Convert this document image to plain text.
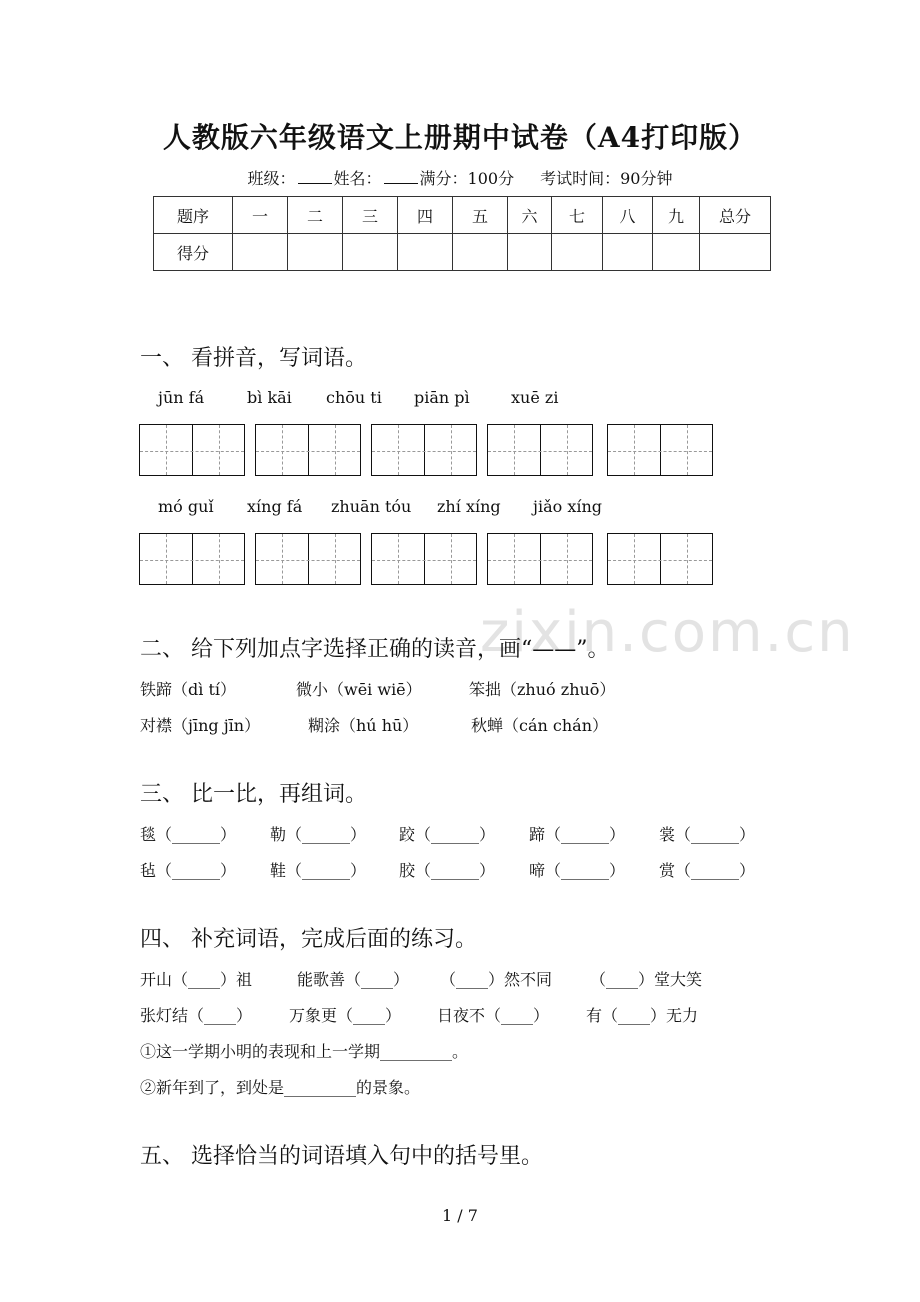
人教版六年级语文上册期中试卷（A4打印版）
班级： 姓名： 满分：100分 考试时间：90分钟
题序	一	二	三	四	五	六	七	八	九	总分
得分										
一、 看拼音，写词语。
jūn fá	bì kāi chōu ti piān pì	xuē zi
mó guǐ xíng fá zhuān tóu zhí xíng jiǎo xíng
zixin.com.cn
二、 给下列加点字选择正确的读音，画“——”。
铁蹄（dì tí）	微小（wēi wiē）	笨拙（zhuó zhuō）
对襟（jīng jīn）	糊涂（hú hū）	秋蝉（cán chán）
三、 比一比，再组词。
毯（______） 勒（______） 跤（______） 蹄（______） 裳（______）
毡（______） 鞋（______） 胶（______） 啼（______） 赏（______）
四、 补充词语，完成后面的练习。
开山（____）祖	能歌善（____） （____）然不同 （____）堂大笑
张灯结（____） 万象更（____） 日夜不（____） 有（____）无力
①这一学期小明的表现和上一学期_________。
②新年到了，到处是_________的景象。
五、 选择恰当的词语填入句中的括号里。
1 / 7
